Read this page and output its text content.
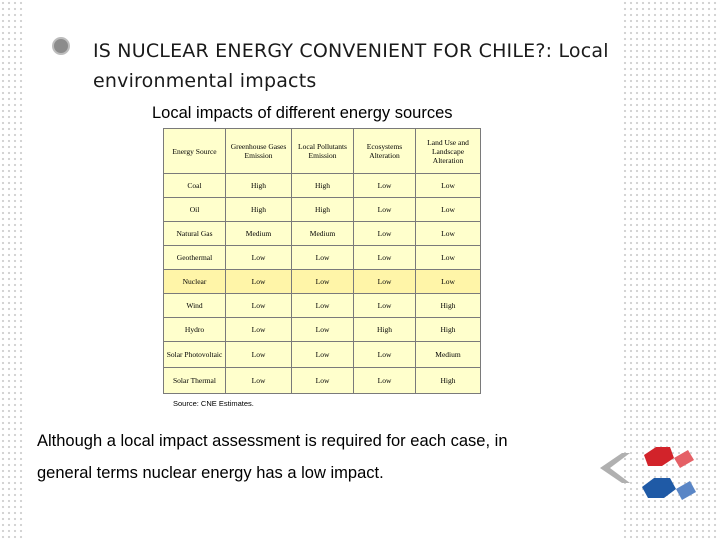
IS NUCLEAR ENERGY CONVENIENT FOR CHILE?: Local environmental impacts
Local impacts of different energy sources
Energy Source	Greenhouse Gases Emission	Local Pollutants Emission	Ecosystems Alteration	Land Use and Landscape Alteration
Coal	High	High	Low	Low
Oil	High	High	Low	Low
Natural Gas	Medium	Medium	Low	Low
Geothermal	Low	Low	Low	Low
Nuclear	Low	Low	Low	Low
Wind	Low	Low	Low	High
Hydro	Low	Low	High	High
Solar Photovoltaic	Low	Low	Low	Medium
Solar Thermal	Low	Low	Low	High
Source: CNE Estimates.
Although a local impact assessment is required for each case, in
general terms nuclear energy has a low impact.
